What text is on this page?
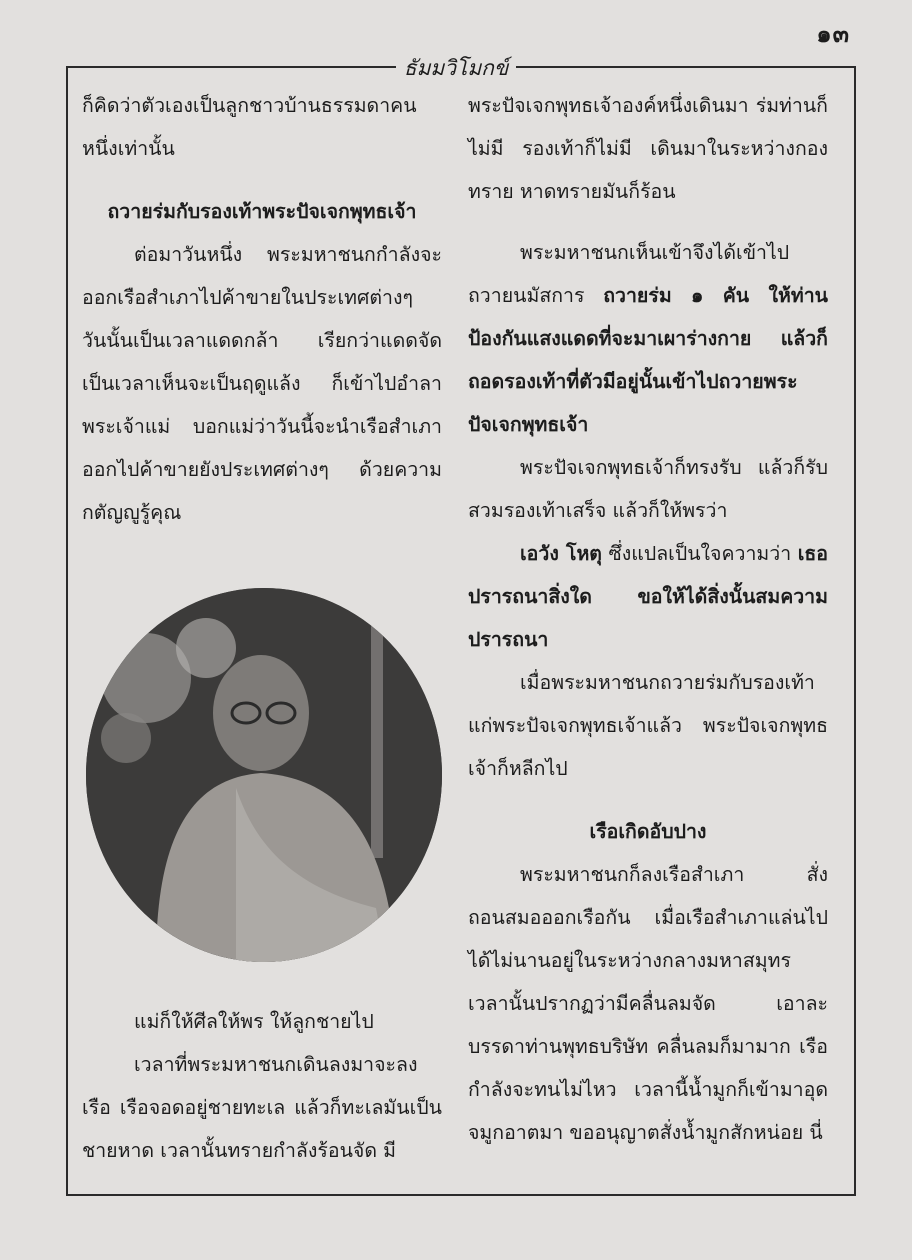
๑๓
ธัมมวิโมกข์

ก็คิดว่าตัวเองเป็นลูกชาวบ้านธรรมดาคนหนึ่งเท่านั้น

ถวายร่มกับรองเท้าพระปัจเจกพุทธเจ้า

ต่อมาวันหนึ่ง พระมหาชนกกำลังจะออกเรือสำเภาไปค้าขายในประเทศต่างๆ วันนั้นเป็นเวลาแดดกล้า เรียกว่าแดดจัด เป็นเวลาเห็นจะเป็นฤดูแล้ง ก็เข้าไปอำลาพระเจ้าแม่ บอกแม่ว่าวันนี้จะนำเรือสำเภาออกไปค้าขายยังประเทศต่างๆ ด้วยความกตัญญูรู้คุณ

แม่ก็ให้ศีลให้พร ให้ลูกชายไป

เวลาที่พระมหาชนกเดินลงมาจะลงเรือ เรือจอดอยู่ชายทะเล แล้วก็ทะเลมันเป็นชายหาด เวลานั้นทรายกำลังร้อนจัด มี

พระปัจเจกพุทธเจ้าองค์หนึ่งเดินมา ร่มท่านก็ไม่มี รองเท้าก็ไม่มี เดินมาในระหว่างกองทราย หาดทรายมันก็ร้อน

พระมหาชนกเห็นเข้าจึงได้เข้าไปถวายนมัสการ ถวายร่ม ๑ คัน ให้ท่านป้องกันแสงแดดที่จะมาเผาร่างกาย แล้วก็ถอดรองเท้าที่ตัวมีอยู่นั้นเข้าไปถวายพระปัจเจกพุทธเจ้า

พระปัจเจกพุทธเจ้าก็ทรงรับ แล้วก็รับสวมรองเท้าเสร็จ แล้วก็ให้พรว่า

เอวัง โหตุ ซึ่งแปลเป็นใจความว่า เธอปรารถนาสิ่งใด ขอให้ได้สิ่งนั้นสมความปรารถนา

เมื่อพระมหาชนกถวายร่มกับรองเท้าแก่พระปัจเจกพุทธเจ้าแล้ว พระปัจเจกพุทธเจ้าก็หลีกไป

เรือเกิดอับปาง

พระมหาชนกก็ลงเรือสำเภา สั่งถอนสมอออกเรือกัน เมื่อเรือสำเภาแล่นไปได้ไม่นานอยู่ในระหว่างกลางมหาสมุทร เวลานั้นปรากฏว่ามีคลื่นลมจัด เอาละบรรดาท่านพุทธบริษัท คลื่นลมก็มามาก เรือกำลังจะทนไม่ไหว เวลานี้น้ำมูกก็เข้ามาอุดจมูกอาตมา ขออนุญาตสั่งน้ำมูกสักหน่อย นี่
